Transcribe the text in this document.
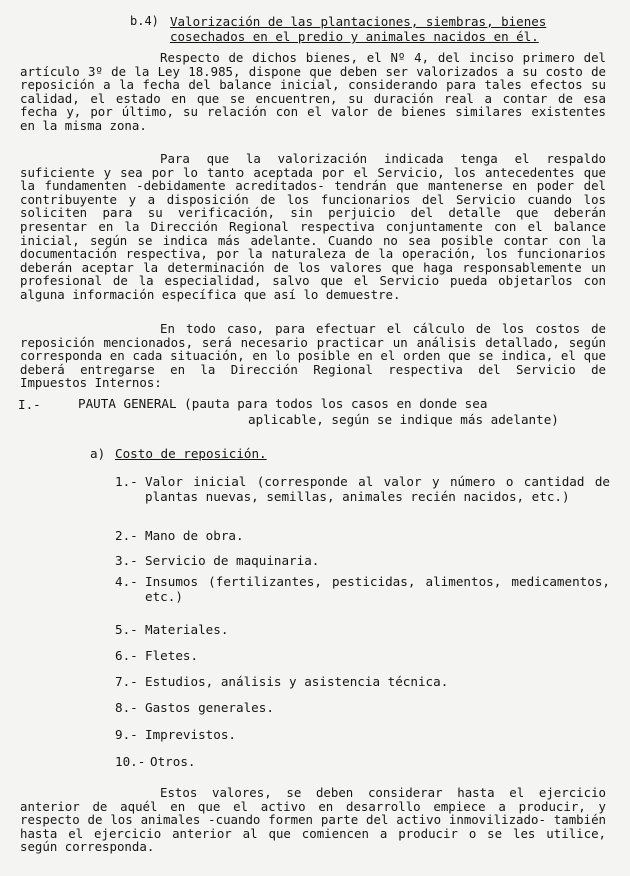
b.4) Valorización de las plantaciones, siembras, bienes
cosechados en el predio y animales nacidos en él.

Respecto de dichos bienes, el Nº 4, del inciso primero del artículo 3º de la Ley 18.985, dispone que deben ser valorizados a su costo de reposición a la fecha del balance inicial, considerando para tales efectos su calidad, el estado en que se encuentren, su duración real a contar de esa fecha y, por último, su relación con el valor de bienes similares existentes en la misma zona.

Para que la valorización indicada tenga el respaldo suficiente y sea por lo tanto aceptada por el Servicio, los antecedentes que la fundamenten -debidamente acreditados- tendrán que mantenerse en poder del contribuyente y a disposición de los funcionarios del Servicio cuando los soliciten para su verificación, sin perjuicio del detalle que deberán presentar en la Dirección Regional respectiva conjuntamente con el balance inicial, según se indica más adelante. Cuando no sea posible contar con la documentación respectiva, por la naturaleza de la operación, los funcionarios deberán aceptar la determinación de los valores que haga responsablemente un profesional de la especialidad, salvo que el Servicio pueda objetarlos con alguna información específica que así lo demuestre.

En todo caso, para efectuar el cálculo de los costos de reposición mencionados, será necesario practicar un análisis detallado, según corresponda en cada situación, en lo posible en el orden que se indica, el que deberá entregarse en la Dirección Regional respectiva del Servicio de Impuestos Internos:

I.-	PAUTA GENERAL (pauta para todos los casos en donde sea
aplicable, según se indique más adelante)
a) Costo de reposición.
1.- Valor inicial (corresponde al valor y número o cantidad de plantas nuevas, semillas, animales recién nacidos, etc.)
2.- Mano de obra.
3.- Servicio de maquinaria.
4.- Insumos (fertilizantes, pesticidas, alimentos, medicamentos, etc.)
5.- Materiales.
6.- Fletes.
7.- Estudios, análisis y asistencia técnica.
8.- Gastos generales.
9.- Imprevistos.
10.- Otros.

Estos valores, se deben considerar hasta el ejercicio anterior de aquél en que el activo en desarrollo empiece a producir, y respecto de los animales -cuando formen parte del activo inmovilizado- también hasta el ejercicio anterior al que comiencen a producir o se les utilice, según corresponda.
